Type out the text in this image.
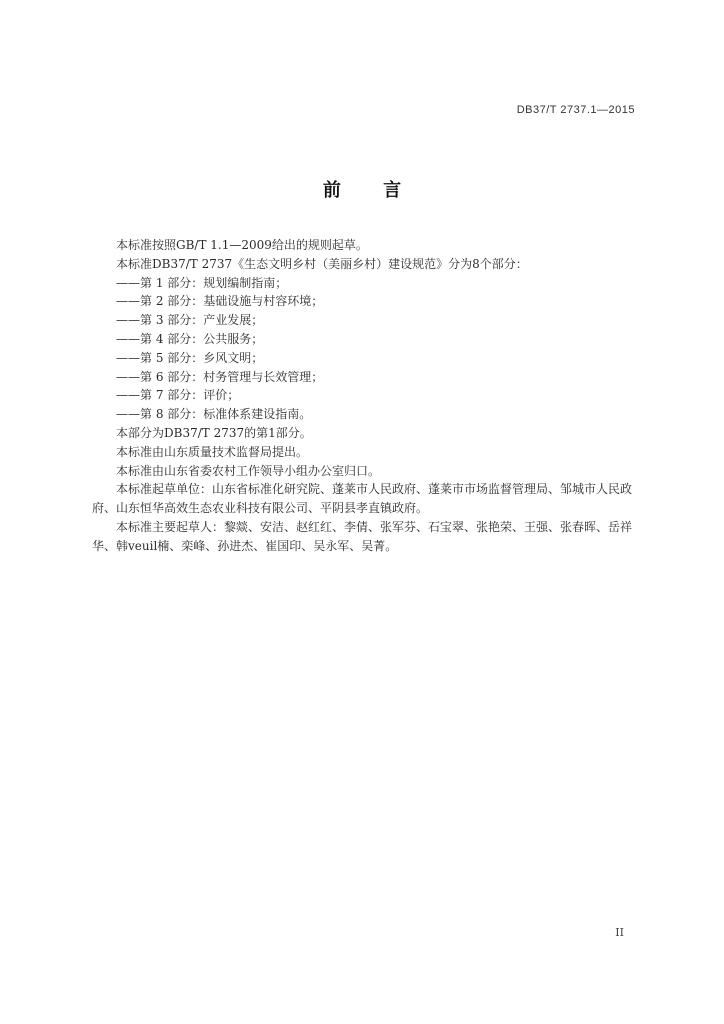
DB37/T 2737.1—2015
前 言

本标准按照GB/T 1.1—2009给出的规则起草。

本标准DB37/T 2737《生态文明乡村（美丽乡村）建设规范》分为8个部分：

——第 1 部分：规划编制指南；

——第 2 部分：基础设施与村容环境；

——第 3 部分：产业发展；

——第 4 部分：公共服务；

——第 5 部分：乡风文明；

——第 6 部分：村务管理与长效管理；

——第 7 部分：评价；

——第 8 部分：标准体系建设指南。

本部分为DB37/T 2737的第1部分。

本标准由山东质量技术监督局提出。

本标准由山东省委农村工作领导小组办公室归口。

本标准起草单位：山东省标准化研究院、蓬莱市人民政府、蓬莱市市场监督管理局、邹城市人民政府、山东恒华高效生态农业科技有限公司、平阴县孝直镇政府。

本标准主要起草人：黎燚、安洁、赵红红、李倩、张军芬、石宝翠、张艳荣、王强、张春晖、岳祥华、韩veuil楠、栾峰、孙进杰、崔国印、吴永军、吴菁。

II
